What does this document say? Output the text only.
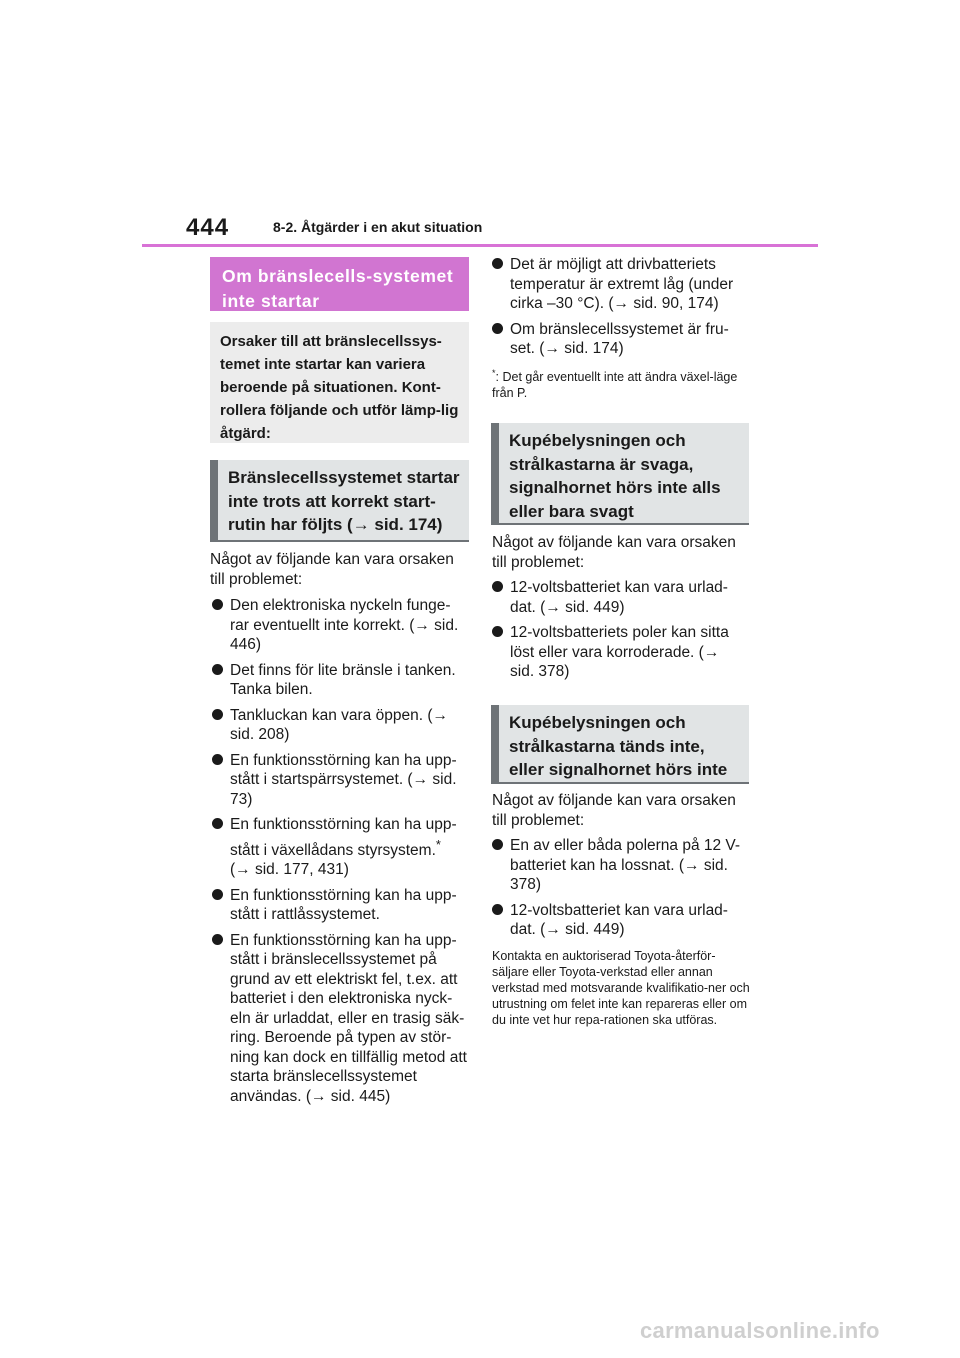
444	8-2. Åtgärder i en akut situation
Om bränslecells-systemet inte startar
Orsaker till att bränslecellssys-temet inte startar kan variera beroende på situationen. Kont-rollera följande och utför lämp-lig åtgärd:
Bränslecellssystemet startar inte trots att korrekt start-rutin har följts (→ sid. 174)
Något av följande kan vara orsaken till problemet:
Den elektroniska nyckeln funge-rar eventuellt inte korrekt. (→ sid. 446)
Det finns för lite bränsle i tanken. Tanka bilen.
Tankluckan kan vara öppen. (→ sid. 208)
En funktionsstörning kan ha upp-stått i startspärrsystemet. (→ sid. 73)
En funktionsstörning kan ha upp-stått i växellådans styrsystem.*
(→ sid. 177, 431)
En funktionsstörning kan ha upp-stått i rattlåssystemet.
En funktionsstörning kan ha upp-stått i bränslecellssystemet på grund av ett elektriskt fel, t.ex. att batteriet i den elektroniska nyck-eln är urladdat, eller en trasig säk-ring. Beroende på typen av stör-ning kan dock en tillfällig metod att starta bränslecellssystemet användas. (→ sid. 445)
Det är möjligt att drivbatteriets temperatur är extremt låg (under cirka –30 °C). (→ sid. 90, 174)
Om bränslecellssystemet är fru-set. (→ sid. 174)
*: Det går eventuellt inte att ändra växel-läge från P.
Kupébelysningen och strålkastarna är svaga, signalhornet hörs inte alls eller bara svagt
Något av följande kan vara orsaken till problemet:
12-voltsbatteriet kan vara urlad-dat. (→ sid. 449)
12-voltsbatteriets poler kan sitta löst eller vara korroderade. (→ sid. 378)
Kupébelysningen och strålkastarna tänds inte, eller signalhornet hörs inte
Något av följande kan vara orsaken till problemet:
En av eller båda polerna på 12 V-batteriet kan ha lossnat. (→ sid. 378)
12-voltsbatteriet kan vara urlad-dat. (→ sid. 449)
Kontakta en auktoriserad Toyota-återför-säljare eller Toyota-verkstad eller annan verkstad med motsvarande kvalifikatio-ner och utrustning om felet inte kan repareras eller om du inte vet hur repa-rationen ska utföras.
carmanualsonline.info
